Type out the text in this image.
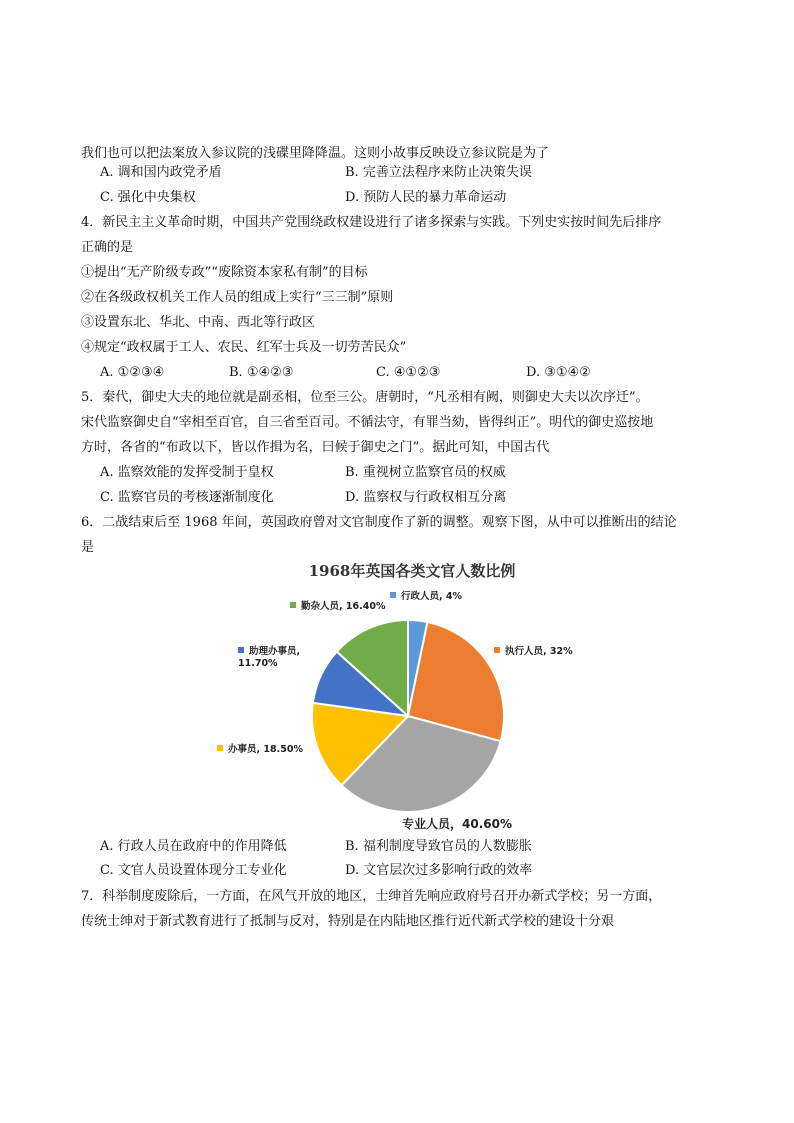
我们也可以把法案放入参议院的浅碟里降降温。这则小故事反映设立参议院是为了
A. 调和国内政党矛盾	B. 完善立法程序来防止决策失误
C. 强化中央集权	D. 预防人民的暴力革命运动
4．新民主主义革命时期，中国共产党围绕政权建设进行了诸多探索与实践。下列史实按时间先后排序
正确的是
①提出“无产阶级专政”“废除资本家私有制”的目标
②在各级政权机关工作人员的组成上实行“三三制”原则
③设置东北、华北、中南、西北等行政区
④规定“政权属于工人、农民、红军士兵及一切劳苦民众”
A. ①②③④	B. ①④②③	C. ④①②③	D. ③①④②
5．秦代，御史大夫的地位就是副丞相，位至三公。唐朝时，“凡丞相有阙，则御史大夫以次序迁”。
宋代监察御史自“宰相至百官，自三省至百司。不循法守，有罪当劾，皆得纠正”。明代的御史巡按地
方时，各省的“布政以下，皆以作揖为名，曰候于御史之门”。据此可知，中国古代
A. 监察效能的发挥受制于皇权	B. 重视树立监察官员的权威
C. 监察官员的考核逐渐制度化	D. 监察权与行政权相互分离
6．二战结束后至 1968 年间，英国政府曾对文官制度作了新的调整。观察下图，从中可以推断出的结论
是
1968年英国各类文官人数比例
行政人员, 4%
勤杂人员, 16.40%
执行人员, 32%
助理办事员,
11.70%
办事员, 18.50%
专业人员，40.60%
A. 行政人员在政府中的作用降低	B. 福利制度导致官员的人数膨胀
C. 文官人员设置体现分工专业化	D. 文官层次过多影响行政的效率
7．科举制度废除后，一方面，在风气开放的地区，士绅首先响应政府号召开办新式学校；另一方面，
传统士绅对于新式教育进行了抵制与反对，特别是在内陆地区推行近代新式学校的建设十分艰
